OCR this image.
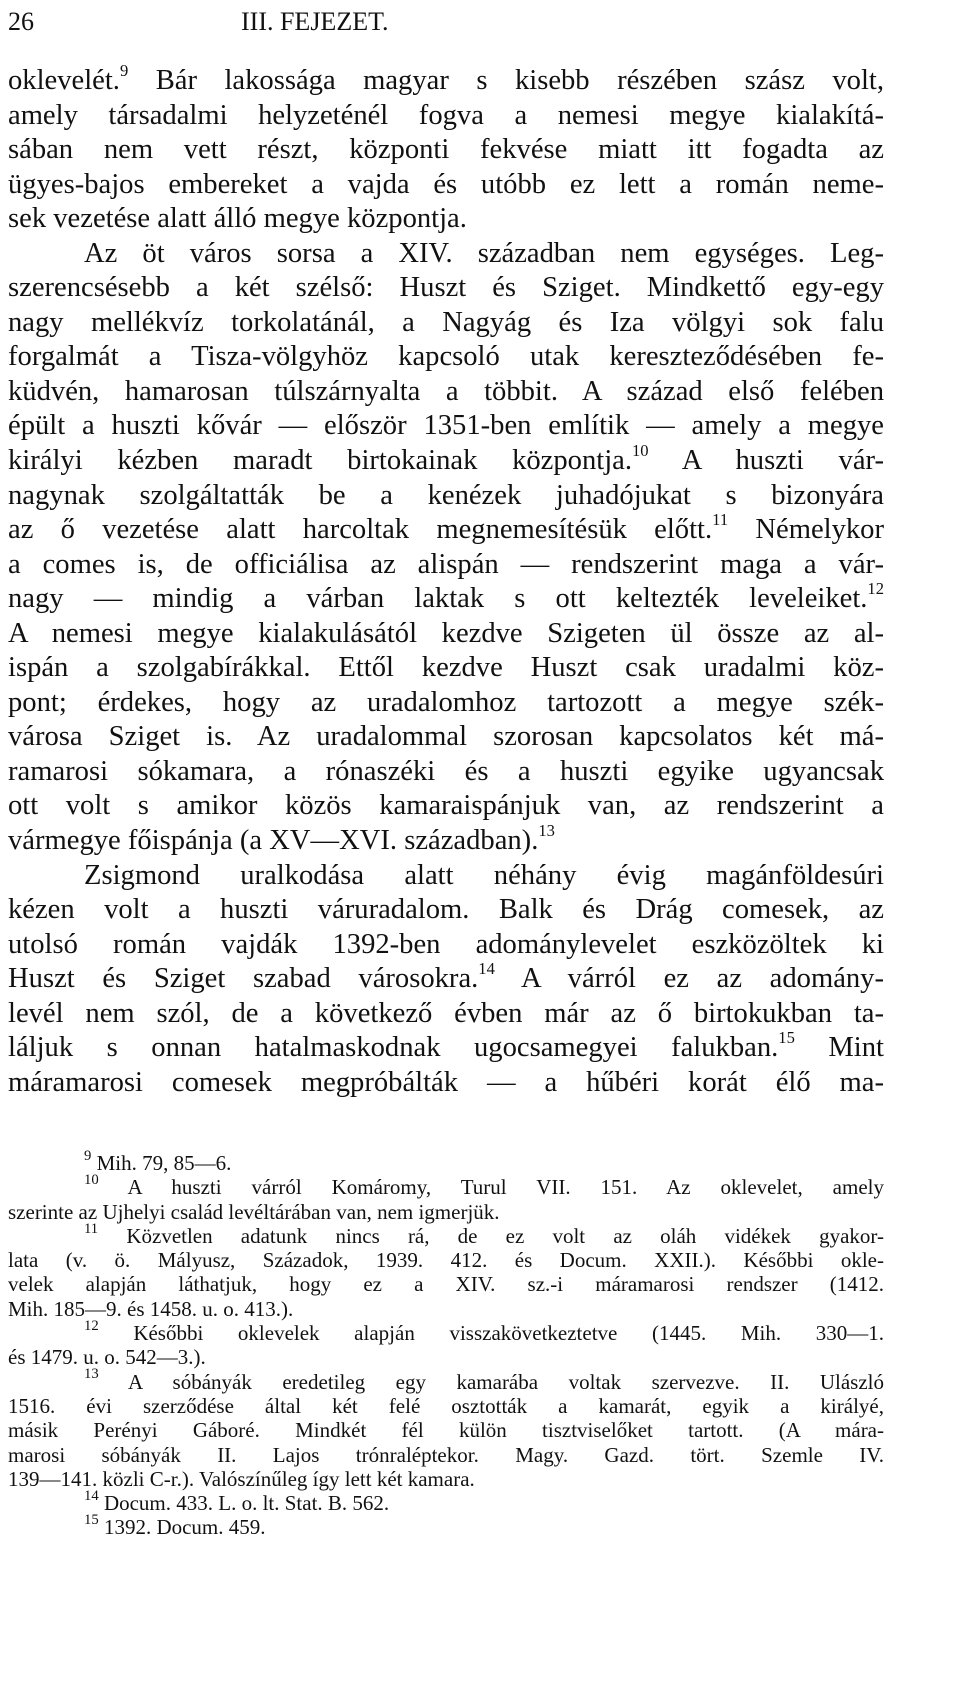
26	III. FEJEZET.
oklevelét.$^9$ Bár lakossága magyar s kisebb részében szász volt,
amely társadalmi helyzeténél fogva a nemesi megye kialakítá-
sában nem vett részt, központi fekvése miatt itt fogadta az
ügyes-bajos embereket a vajda és utóbb ez lett a román neme-
sek vezetése alatt álló megye központja.
Az öt város sorsa a XIV. században nem egységes. Leg-
szerencsésebb a két szélső: Huszt és Sziget. Mindkettő egy-egy
nagy mellékvíz torkolatánál, a Nagyág és Iza völgyi sok falu
forgalmát a Tisza-völgyhöz kapcsoló utak kereszteződésében fe-
küdvén, hamarosan túlszárnyalta a többit. A század első felében
épült a huszti kővár — először 1351-ben említik — amely a megye
királyi kézben maradt birtokainak központja.$^{10}$ A huszti vár-
nagynak szolgáltatták be a kenézek juhadójukat s bizonyára
az ő vezetése alatt harcoltak megnemesítésük előtt.$^{11}$ Némelykor
a comes is, de officiálisa az alispán — rendszerint maga a vár-
nagy — mindig a várban laktak s ott keltezték leveleiket.$^{12}$
A nemesi megye kialakulásától kezdve Szigeten ül össze az al-
ispán a szolgabírákkal. Ettől kezdve Huszt csak uradalmi köz-
pont; érdekes, hogy az uradalomhoz tartozott a megye szék-
városa Sziget is. Az uradalommal szorosan kapcsolatos két má-
ramarosi sókamara, a rónaszéki és a huszti egyike ugyancsak
ott volt s amikor közös kamaraispánjuk van, az rendszerint a
vármegye főispánja (a XV—XVI. században).$^{13}$
Zsigmond uralkodása alatt néhány évig magánföldesúri
kézen volt a huszti váruradalom. Balk és Drág comesek, az
utolsó román vajdák 1392-ben adománylevelet eszközöltek ki
Huszt és Sziget szabad városokra.$^{14}$ A várról ez az adomány-
levél nem szól, de a következő évben már az ő birtokukban ta-
láljuk s onnan hatalmaskodnak ugocsamegyei falukban.$^{15}$ Mint
máramarosi comesek megpróbálták — a hűbéri korát élő ma-
$^9$ Mih. 79, 85—6.
$^{10}$ A huszti várról Komáromy, Turul VII. 151. Az oklevelet, amely
szerinte az Ujhelyi család levéltárában van, nem igmerjük.
$^{11}$ Közvetlen adatunk nincs rá, de ez volt az oláh vidékek gyakor-
lata (v. ö. Mályusz, Századok, 1939. 412. és Docum. XXII.). Későbbi okle-
velek alapján láthatjuk, hogy ez a XIV. sz.-i máramarosi rendszer (1412.
Mih. 185—9. és 1458. u. o. 413.).
$^{12}$ Későbbi oklevelek alapján visszakövetkeztetve (1445. Mih. 330—1.
és 1479. u. o. 542—3.).
$^{13}$ A sóbányák eredetileg egy kamarába voltak szervezve. II. Ulászló
1516. évi szerződése által két felé osztották a kamarát, egyik a királyé,
másik Perényi Gáboré. Mindkét fél külön tisztviselőket tartott. (A mára-
marosi sóbányák II. Lajos trónraléptekor. Magy. Gazd. tört. Szemle IV.
139—141. közli C-r.). Valószínűleg így lett két kamara.
$^{14}$ Docum. 433. L. o. lt. Stat. B. 562.
$^{15}$ 1392. Docum. 459.
